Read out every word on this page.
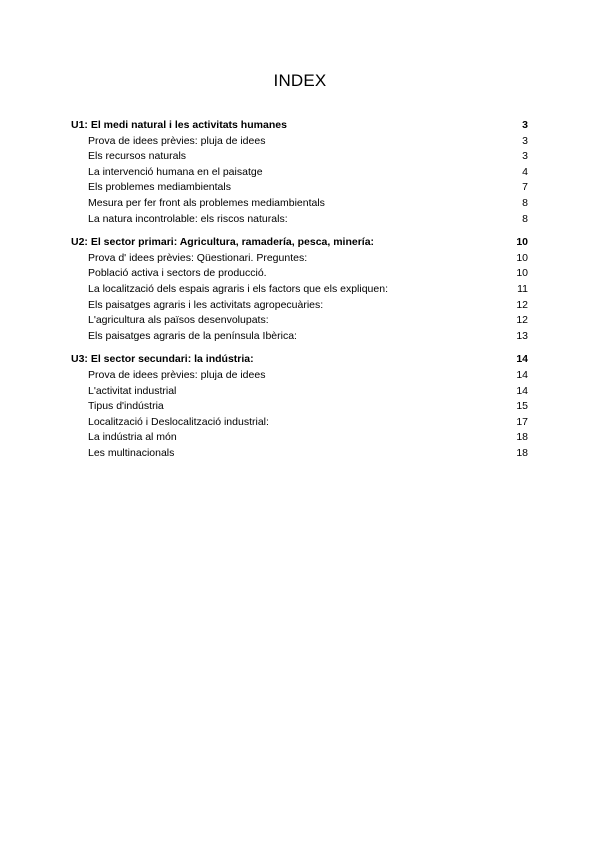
INDEX
U1: El medi natural i les activitats humanes	3
Prova de idees prèvies: pluja de idees	3
Els recursos naturals	3
La intervenció humana en el paisatge	4
Els problemes mediambientals	7
Mesura per fer front als problemes mediambientals	8
La natura incontrolable: els riscos naturals:	8
U2: El sector primari: Agricultura, ramadería, pesca, minería:	10
Prova d' idees prèvies: Qüestionari. Preguntes:	10
Població activa i sectors de producció.	10
La localització dels espais agraris i els factors que els expliquen:	11
Els paisatges agraris i les activitats agropecuàries:	12
L'agricultura als països desenvolupats:	12
Els paisatges agraris de la península Ibèrica:	13
U3: El sector secundari: la indústria:	14
Prova de idees prèvies: pluja de idees	14
L'activitat industrial	14
Tipus d'indústria	15
Localització i Deslocalització industrial:	17
La indústria al món	18
Les multinacionals	18
